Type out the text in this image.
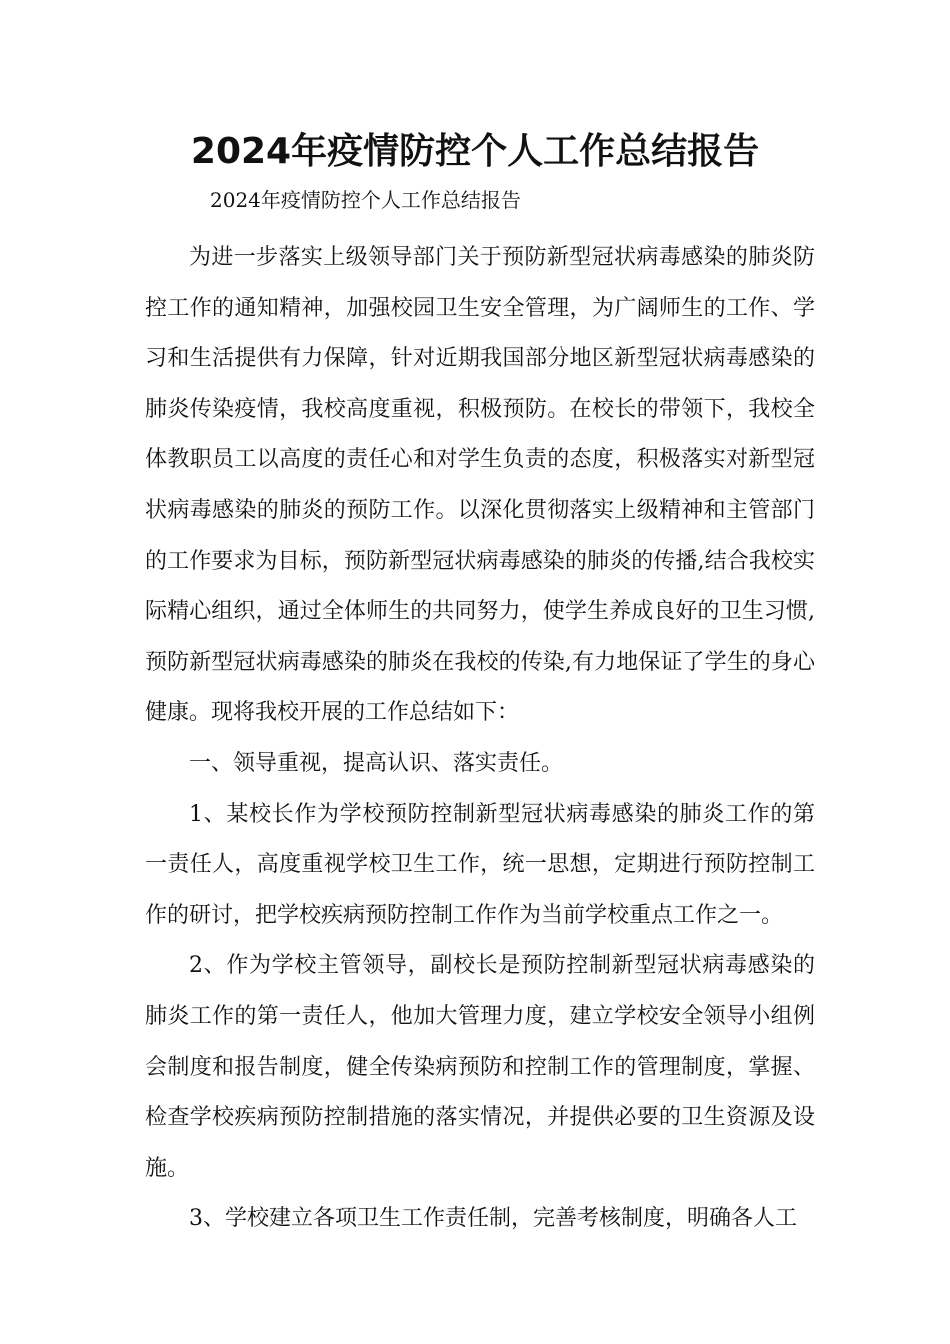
2024年疫情防控个人工作总结报告
2024年疫情防控个人工作总结报告

为进一步落实上级领导部门关于预防新型冠状病毒感染的肺炎防控工作的通知精神，加强校园卫生安全管理，为广阔师生的工作、学习和生活提供有力保障，针对近期我国部分地区新型冠状病毒感染的肺炎传染疫情，我校高度重视，积极预防。在校长的带领下，我校全体教职员工以高度的责任心和对学生负责的态度，积极落实对新型冠状病毒感染的肺炎的预防工作。以深化贯彻落实上级精神和主管部门的工作要求为目标，预防新型冠状病毒感染的肺炎的传播,结合我校实际精心组织，通过全体师生的共同努力，使学生养成良好的卫生习惯,预防新型冠状病毒感染的肺炎在我校的传染,有力地保证了学生的身心健康。现将我校开展的工作总结如下：

一、领导重视，提高认识、落实责任。

1、某校长作为学校预防控制新型冠状病毒感染的肺炎工作的第一责任人，高度重视学校卫生工作，统一思想，定期进行预防控制工作的研讨，把学校疾病预防控制工作作为当前学校重点工作之一。

2、作为学校主管领导，副校长是预防控制新型冠状病毒感染的肺炎工作的第一责任人，他加大管理力度，建立学校安全领导小组例会制度和报告制度，健全传染病预防和控制工作的管理制度，掌握、检查学校疾病预防控制措施的落实情况，并提供必要的卫生资源及设施。

3、学校建立各项卫生工作责任制，完善考核制度，明确各人工
